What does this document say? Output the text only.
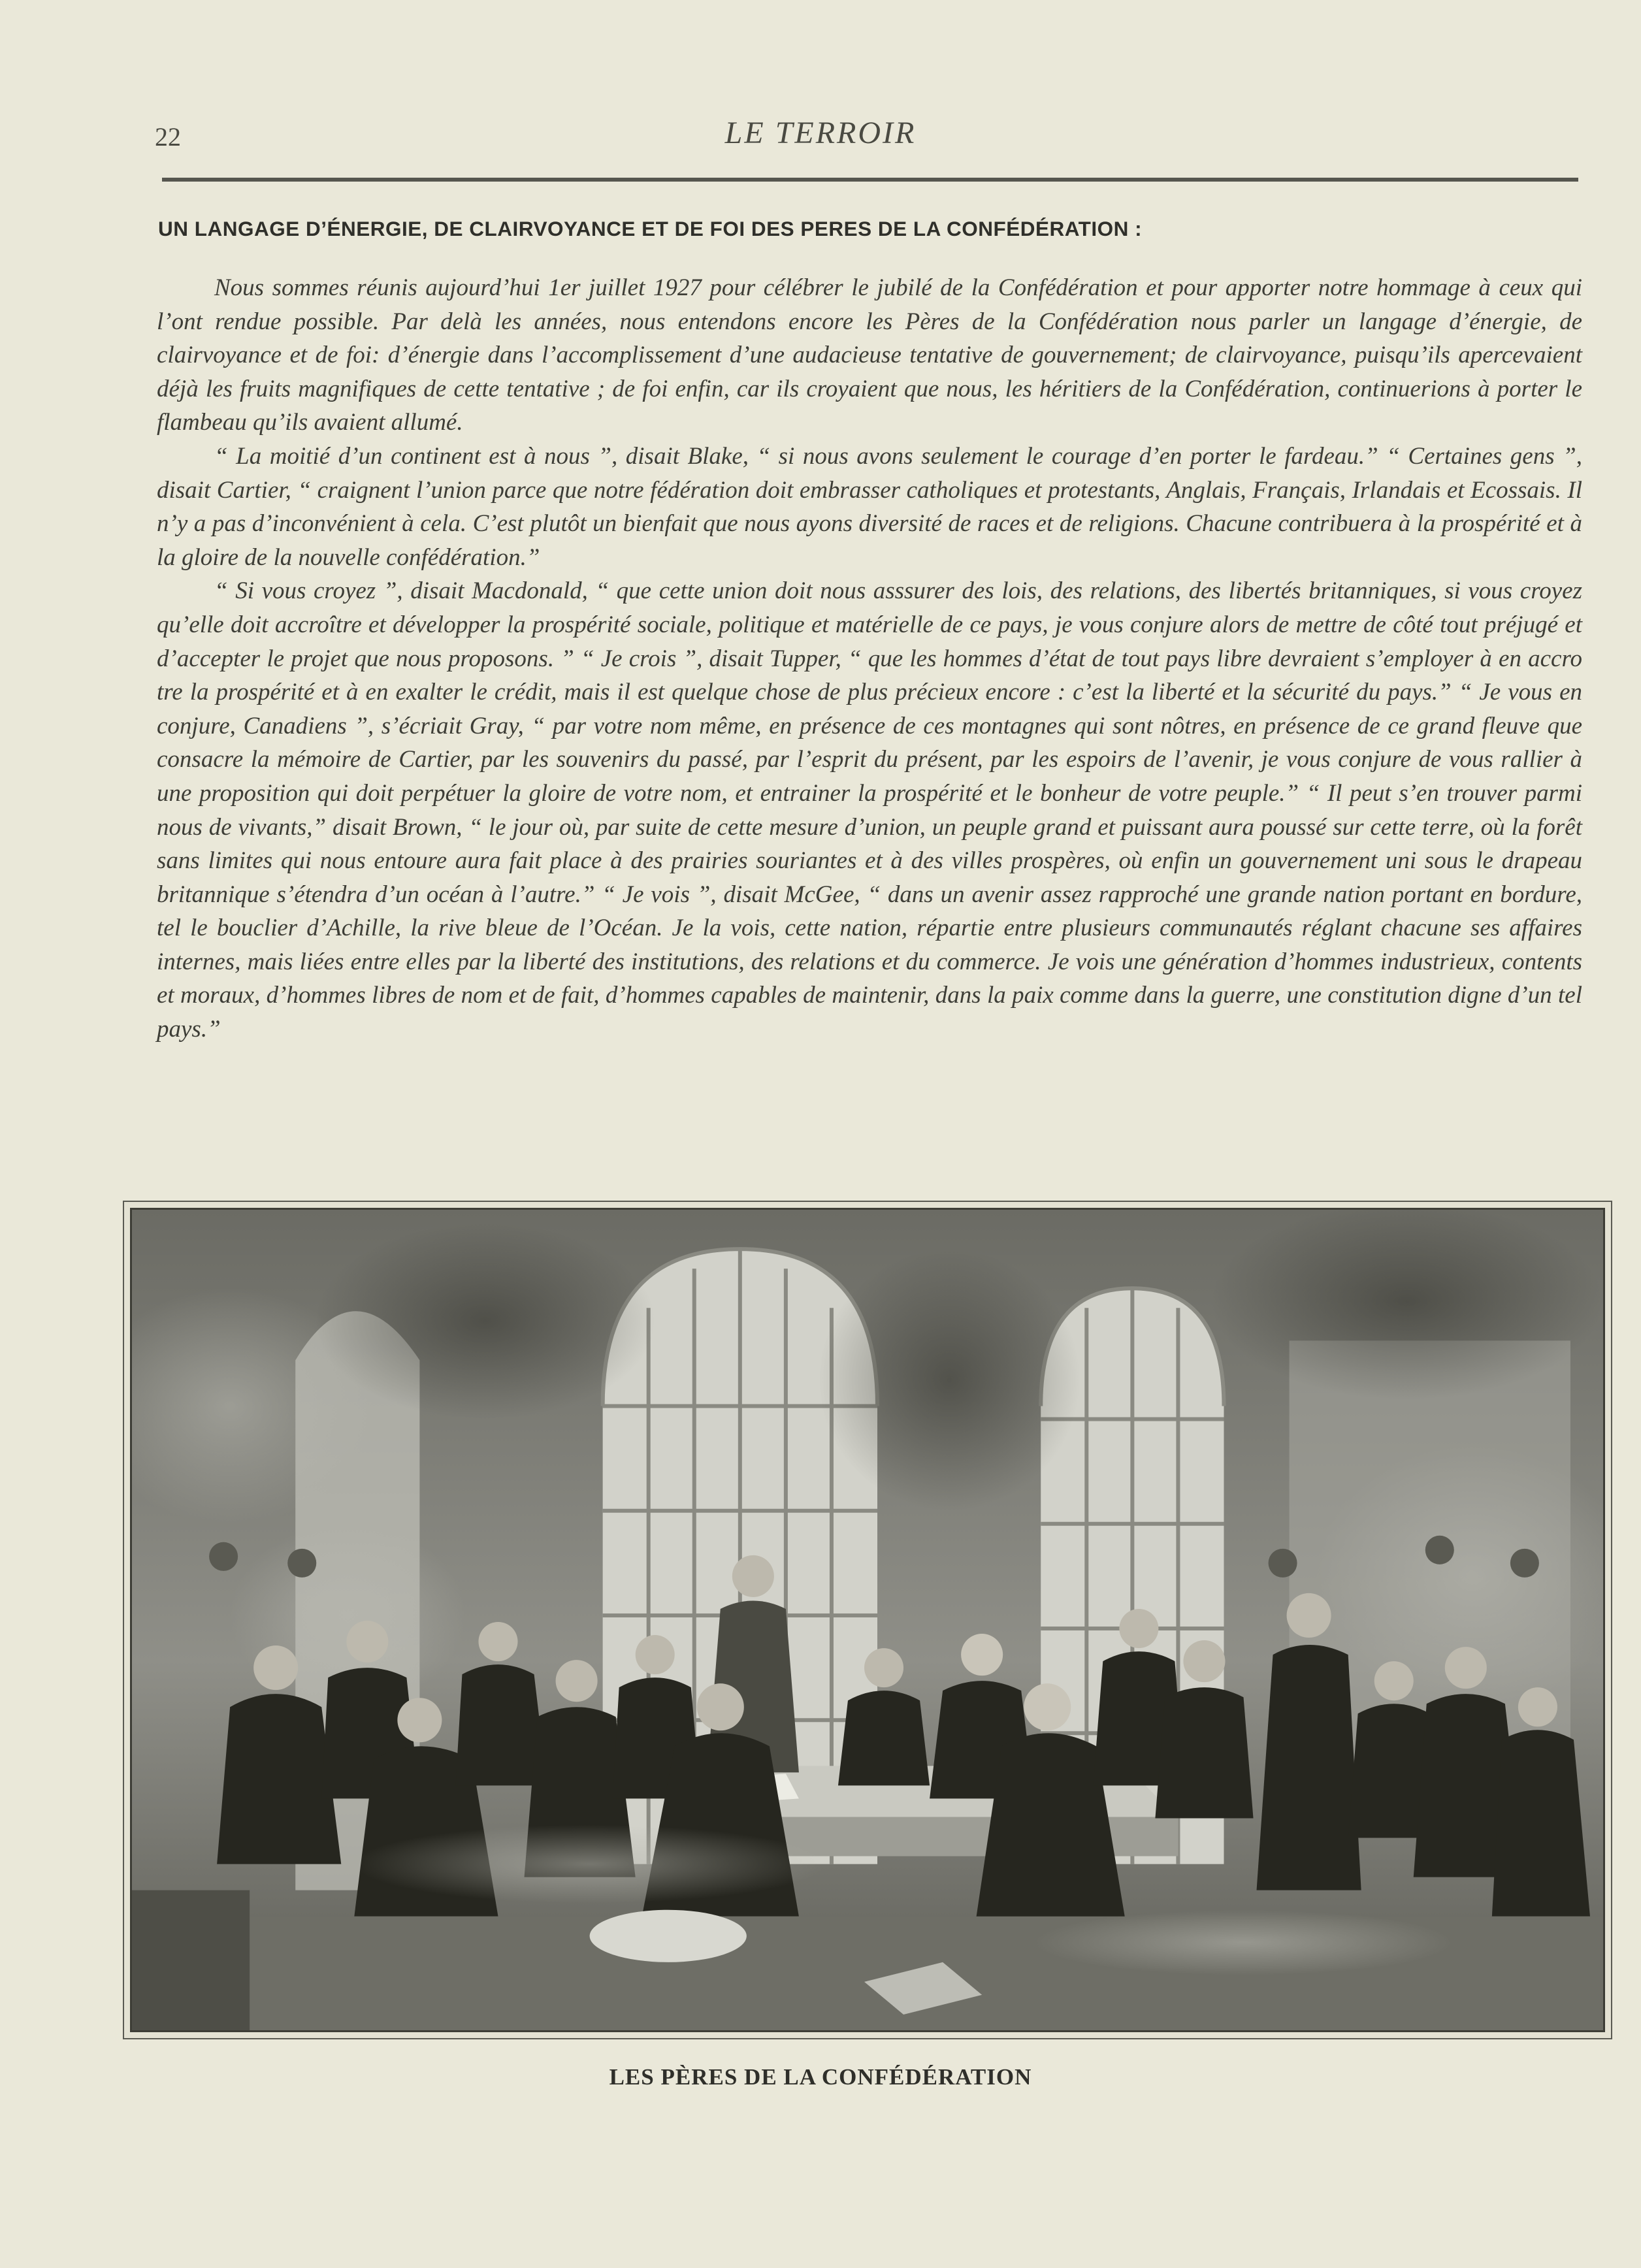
22	LE TERROIR
UN LANGAGE D’ÉNERGIE, DE CLAIRVOYANCE ET DE FOI DES PERES DE LA CONFÉDÉRATION :

Nous sommes réunis aujourd’hui 1er juillet 1927 pour célébrer le jubilé de la Confédération et pour apporter notre hommage à ceux qui l’ont rendue possible. Par delà les années, nous entendons encore les Pères de la Confédération nous parler un langage d’énergie, de clairvoyance et de foi: d’énergie dans l’accomplissement d’une audacieuse tentative de gouvernement; de clairvoyance, puisqu’ils apercevaient déjà les fruits magnifiques de cette tentative ; de foi enfin, car ils croyaient que nous, les héritiers de la Confédération, continuerions à porter le flambeau qu’ils avaient allumé.

“ La moitié d’un continent est à nous ”, disait Blake, “ si nous avons seulement le courage d’en porter le fardeau.” “ Certaines gens ”, disait Cartier, “ craignent l’union parce que notre fédération doit embrasser catholiques et protestants, Anglais, Français, Irlandais et Ecossais. Il n’y a pas d’inconvénient à cela. C’est plutôt un bienfait que nous ayons diversité de races et de religions. Chacune contribuera à la prospérité et à la gloire de la nouvelle confédération.”

“ Si vous croyez ”, disait Macdonald, “ que cette union doit nous asssurer des lois, des relations, des libertés britanniques, si vous croyez qu’elle doit accroître et développer la prospérité sociale, politique et matérielle de ce pays, je vous conjure alors de mettre de côté tout préjugé et d’accepter le projet que nous proposons. ” “ Je crois ”, disait Tupper, “ que les hommes d’état de tout pays libre devraient s’employer à en accro tre la prospérité et à en exalter le crédit, mais il est quelque chose de plus précieux encore : c’est la liberté et la sécurité du pays.” “ Je vous en conjure, Canadiens ”, s’écriait Gray, “ par votre nom même, en présence de ces montagnes qui sont nôtres, en présence de ce grand fleuve que consacre la mémoire de Cartier, par les souvenirs du passé, par l’esprit du présent, par les espoirs de l’avenir, je vous conjure de vous rallier à une proposition qui doit perpétuer la gloire de votre nom, et entrainer la prospérité et le bonheur de votre peuple.” “ Il peut s’en trouver parmi nous de vivants,” disait Brown, “ le jour où, par suite de cette mesure d’union, un peuple grand et puissant aura poussé sur cette terre, où la forêt sans limites qui nous entoure aura fait place à des prairies souriantes et à des villes prospères, où enfin un gouvernement uni sous le drapeau britannique s’étendra d’un océan à l’autre.” “ Je vois ”, disait McGee, “ dans un avenir assez rapproché une grande nation portant en bordure, tel le bouclier d’Achille, la rive bleue de l’Océan. Je la vois, cette nation, répartie entre plusieurs communautés réglant chacune ses affaires internes, mais liées entre elles par la liberté des institutions, des relations et du commerce. Je vois une génération d’hommes industrieux, contents et moraux, d’hommes libres de nom et de fait, d’hommes capables de maintenir, dans la paix comme dans la guerre, une constitution digne d’un tel pays.”

LES PÈRES DE LA CONFÉDÉRATION
